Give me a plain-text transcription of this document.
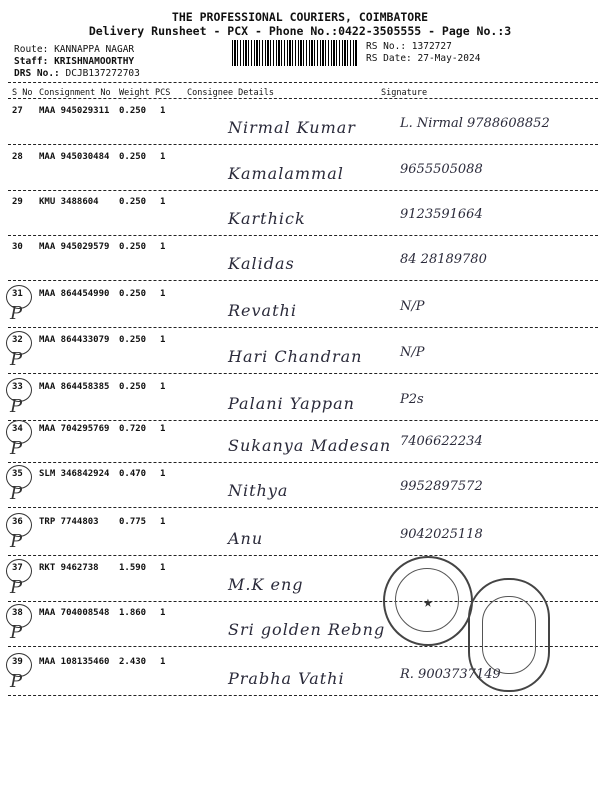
THE PROFESSIONAL COURIERS, COIMBATORE
Delivery Runsheet - PCX - Phone No.:0422-3505555 - Page No.:3
Route: KANNAPPA NAGAR
Staff: KRISHNAMOORTHY
DRS No.: DCJB137272703
RS No.: 1372727
RS Date: 27-May-2024
S No Consignment No Weight PCS Consignee Details	Signature
27 MAA 945029311 0.250 1
Nirmal Kumar	L. Nirmal 9788608852
28 MAA 945030484 0.250 1
Kamalammal	9655505088
29 KMU 3488604 0.250 1
Karthick	9123591664
30 MAA 945029579 0.250 1
Kalidas	84 28189780
31 MAA 864454990 0.250 1
Revathi	N/P
P
32 MAA 864433079 0.250 1
Hari Chandran	N/P
P
33 MAA 864458385 0.250 1
Palani Yappan	P2s
P
34 MAA 704295769 0.720 1
Sukanya Madesan 7406622234
P
35 SLM 346842924 0.470 1
Nithya	9952897572
P
36 TRP 7744803 0.775 1
Anu	9042025118
P
37 RKT 9462738 1.590 1
M.K eng
P
38 MAA 704008548 1.860 1
Sri golden Rebng
P
39 MAA 108135460 2.430 1
Prabha Vathi	R. 9003737149
P
★
